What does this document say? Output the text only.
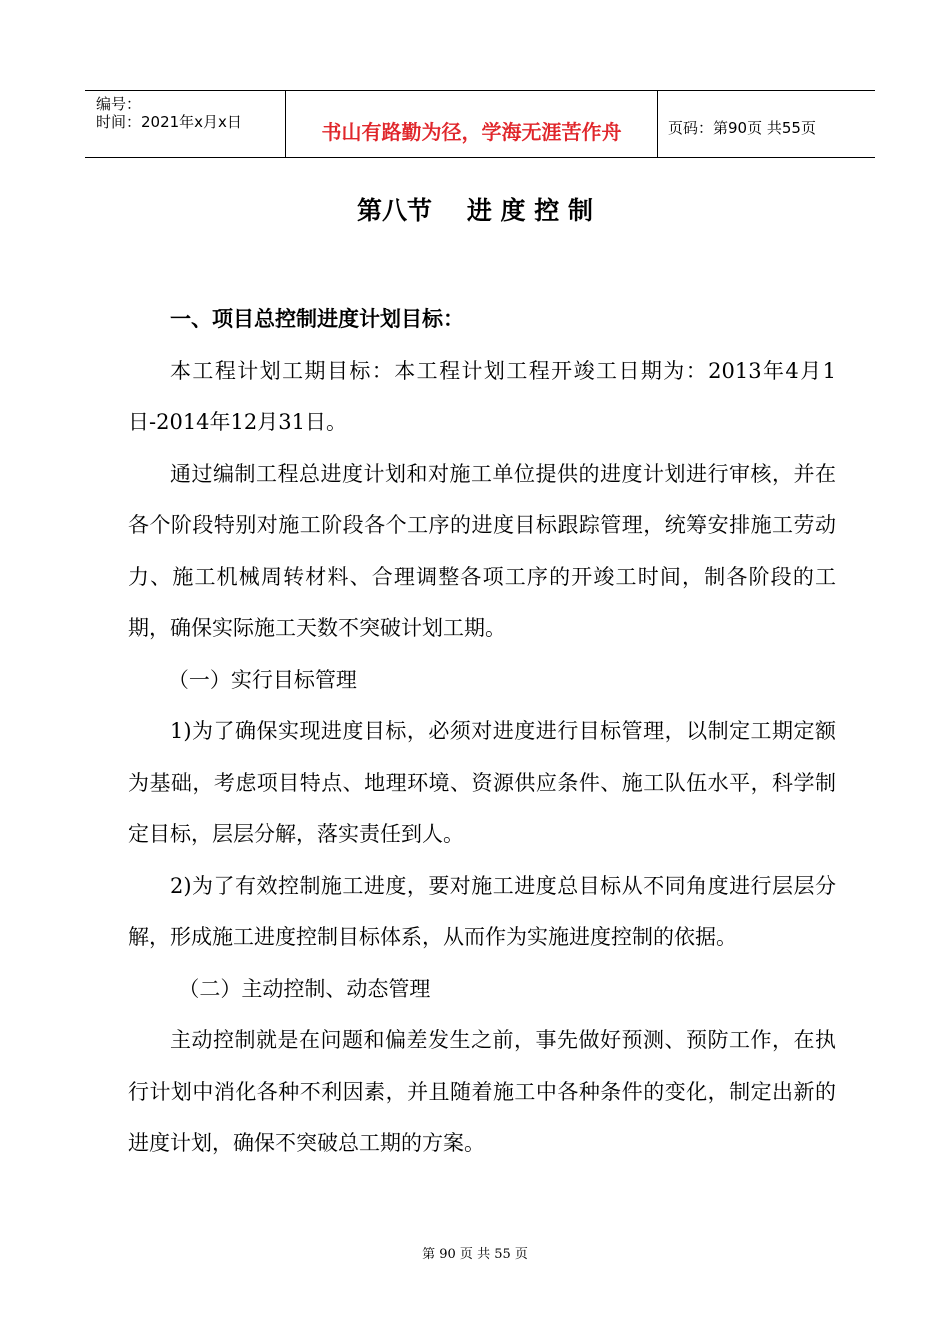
编号：
时间：2021年x月x日	书山有路勤为径，学海无涯苦作舟	页码：第90页 共55页
第八节    进 度 控 制

一、项目总控制进度计划目标：

本工程计划工期目标：本工程计划工程开竣工日期为：2013年4月1日-2014年12月31日。

通过编制工程总进度计划和对施工单位提供的进度计划进行审核，并在各个阶段特别对施工阶段各个工序的进度目标跟踪管理，统筹安排施工劳动力、施工机械周转材料、合理调整各项工序的开竣工时间，制各阶段的工期，确保实际施工天数不突破计划工期。

（一）实行目标管理

1)为了确保实现进度目标，必须对进度进行目标管理，以制定工期定额为基础，考虑项目特点、地理环境、资源供应条件、施工队伍水平，科学制定目标，层层分解，落实责任到人。

2)为了有效控制施工进度，要对施工进度总目标从不同角度进行层层分解，形成施工进度控制目标体系，从而作为实施进度控制的依据。

（二）主动控制、动态管理

主动控制就是在问题和偏差发生之前，事先做好预测、预防工作，在执行计划中消化各种不利因素，并且随着施工中各种条件的变化，制定出新的进度计划，确保不突破总工期的方案。

第 90 页 共 55 页
